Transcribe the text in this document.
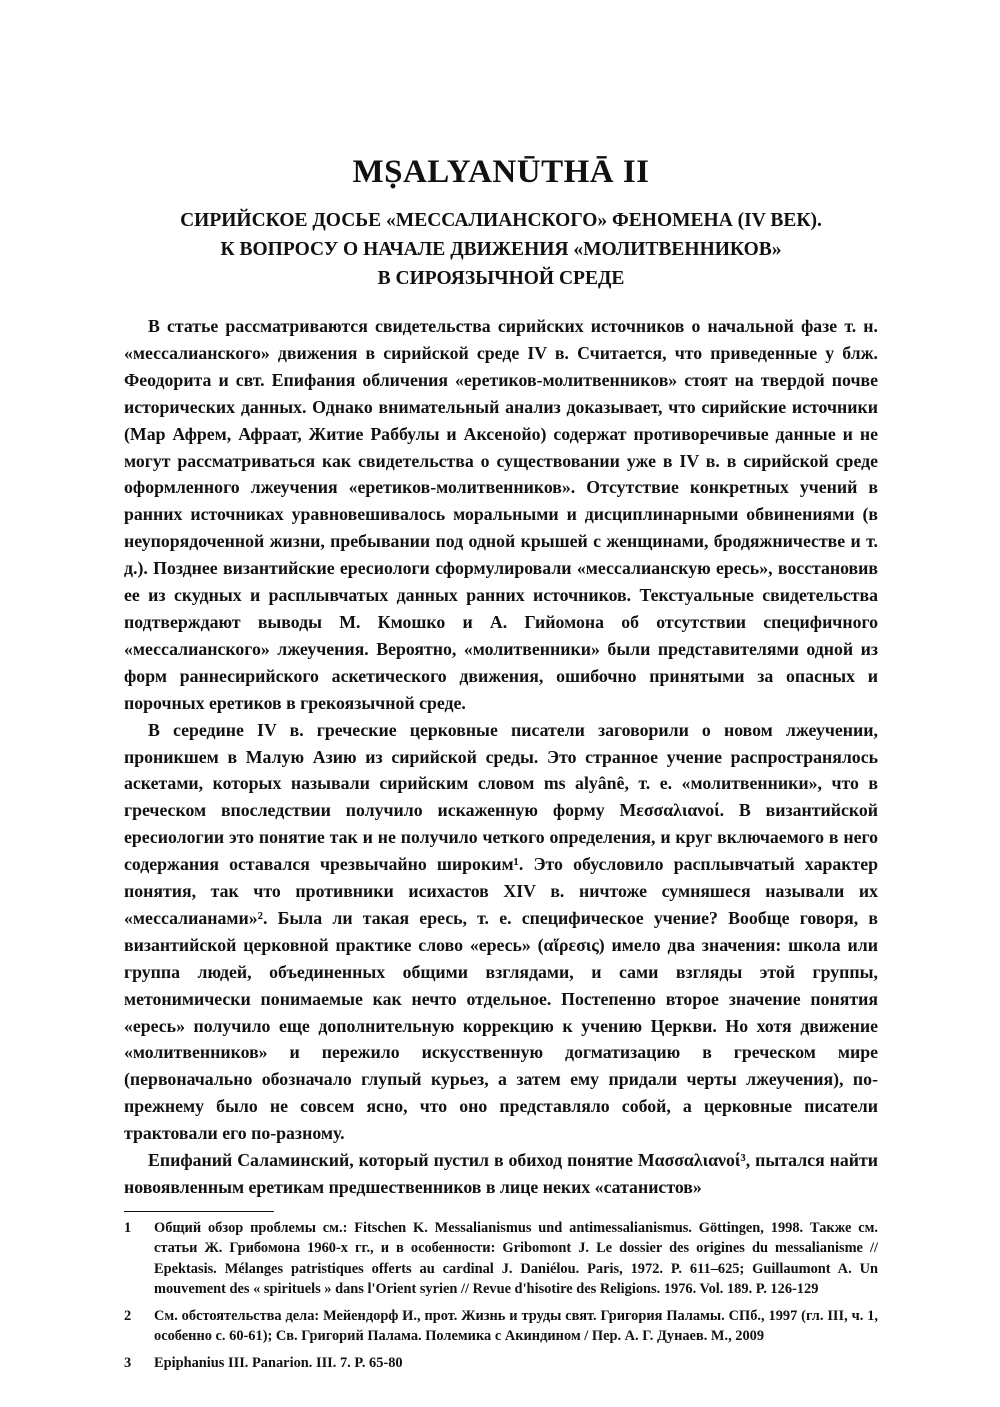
MṢALYANŪTHĀ II
СИРИЙСКОЕ ДОСЬЕ «МЕССАЛИАНСКОГО» ФЕНОМЕНА (IV ВЕК).
К ВОПРОСУ О НАЧАЛЕ ДВИЖЕНИЯ «МОЛИТВЕННИКОВ»
В СИРОЯЗЫЧНОЙ СРЕДЕ

В статье рассматриваются свидетельства сирийских источников о начальной фазе т. н. «мессалианского» движения в сирийской среде IV в. Считается, что приведенные у блж. Феодорита и свт. Епифания обличения «еретиков-молитвенников» стоят на твердой почве исторических данных. Однако внимательный анализ доказывает, что сирийские источники (Мар Афрем, Афраат, Житие Раббулы и Аксенойо) содержат противоречивые данные и не могут рассматриваться как свидетельства о существовании уже в IV в. в сирийской среде оформленного лжеучения «еретиков-молитвенников». Отсутствие конкретных учений в ранних источниках уравновешивалось моральными и дисциплинарными обвинениями (в неупорядоченной жизни, пребывании под одной крышей с женщинами, бродяжничестве и т. д.). Позднее византийские ересиологи сформулировали «мессалианскую ересь», восстановив ее из скудных и расплывчатых данных ранних источников. Текстуальные свидетельства подтверждают выводы М. Кмошко и А. Гийомона об отсутствии специфичного «мессалианского» лжеучения. Вероятно, «молитвенники» были представителями одной из форм раннесирийского аскетического движения, ошибочно принятыми за опасных и порочных еретиков в грекоязычной среде.

В середине IV в. греческие церковные писатели заговорили о новом лжеучении, проникшем в Малую Азию из сирийской среды. Это странное учение распространялось аскетами, которых называли сирийским словом ms alyânê, т. е. «молитвенники», что в греческом впоследствии получило искаженную форму Μεσσαλιανοί. В византийской ересиологии это понятие так и не получило четкого определения, и круг включаемого в него содержания оставался чрезвычайно широким¹. Это обусловило расплывчатый характер понятия, так что противники исихастов XIV в. ничтоже сумняшеся называли их «мессалианами»². Была ли такая ересь, т. е. специфическое учение? Вообще говоря, в византийской церковной практике слово «ересь» (αἵρεσις) имело два значения: школа или группа людей, объединенных общими взглядами, и сами взгляды этой группы, метонимически понимаемые как нечто отдельное. Постепенно второе значение понятия «ересь» получило еще дополнительную коррекцию к учению Церкви. Но хотя движение «молитвенников» и пережило искусственную догматизацию в греческом мире (первоначально обозначало глупый курьез, а затем ему придали черты лжеучения), по-прежнему было не совсем ясно, что оно представляло собой, а церковные писатели трактовали его по-разному.

Епифаний Саламинский, который пустил в обиход понятие Μασσαλιανοί³, пытался найти новоявленным еретикам предшественников в лице неких «сатанистов»

1	Общий обзор проблемы см.: Fitschen K. Messalianismus und antimessalianismus. Göttingen, 1998. Также см. статьи Ж. Грибомона 1960-х гг., и в особенности: Gribomont J. Le dossier des origines du messalianisme // Epektasis. Mélanges patristiques offerts au cardinal J. Daniélou. Paris, 1972. P. 611–625; Guillaumont A. Un mouvement des « spirituels » dans l'Orient syrien // Revue d'hisotire des Religions. 1976. Vol. 189. P. 126-129
2	См. обстоятельства дела: Мейендорф И., прот. Жизнь и труды свят. Григория Паламы. СПб., 1997 (гл. III, ч. 1, особенно с. 60-61); Св. Григорий Палама. Полемика с Акиндином / Пер. А. Г. Дунаев. М., 2009
3	Epiphanius III. Panarion. III. 7. P. 65-80
